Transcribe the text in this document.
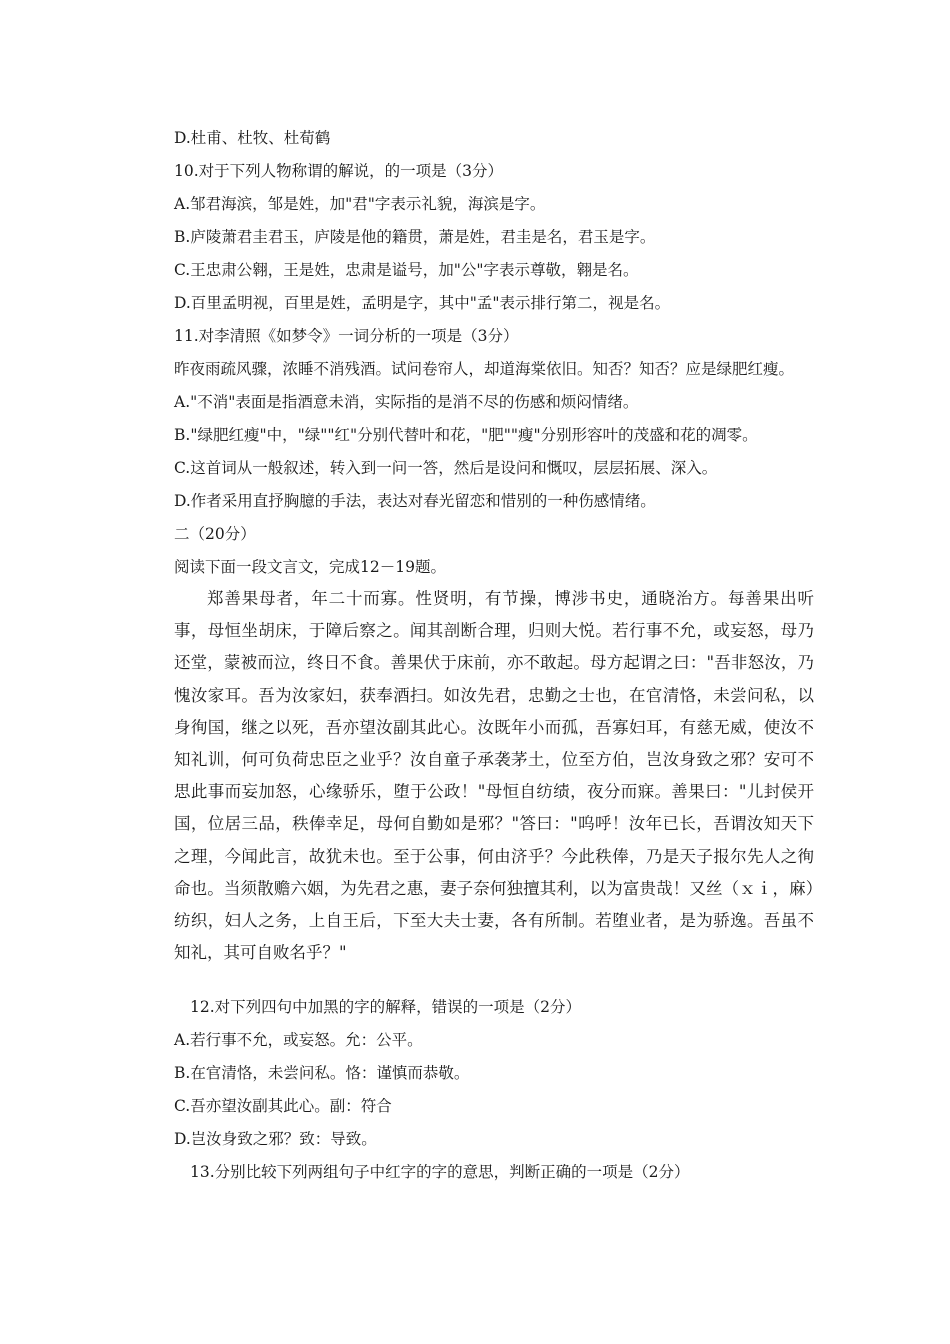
D.杜甫、杜牧、杜荀鹤
10.对于下列人物称谓的解说，的一项是（3分）
A.邹君海滨，邹是姓，加"君"字表示礼貌，海滨是字。
B.庐陵萧君圭君玉，庐陵是他的籍贯，萧是姓，君圭是名，君玉是字。
C.王忠肃公翱，王是姓，忠肃是谥号，加"公"字表示尊敬，翱是名。
D.百里孟明视，百里是姓，孟明是字，其中"孟"表示排行第二，视是名。
11.对李清照《如梦令》一词分析的一项是（3分）
昨夜雨疏风骤，浓睡不消残酒。试问卷帘人，却道海棠依旧。知否？知否？应是绿肥红瘦。
A."不消"表面是指酒意未消，实际指的是消不尽的伤感和烦闷情绪。
B."绿肥红瘦"中，"绿""红"分别代替叶和花，"肥""瘦"分别形容叶的茂盛和花的凋零。
C.这首词从一般叙述，转入到一问一答，然后是设问和慨叹，层层拓展、深入。
D.作者采用直抒胸臆的手法，表达对春光留恋和惜别的一种伤感情绪。
二（20分）
阅读下面一段文言文，完成12－19题。

郑善果母者，年二十而寡。性贤明，有节操，博涉书史，通晓治方。每善果出听事，母恒坐胡床，于障后察之。闻其剖断合理，归则大悦。若行事不允，或妄怒，母乃还堂，蒙被而泣，终日不食。善果伏于床前，亦不敢起。母方起谓之曰："吾非怒汝，乃愧汝家耳。吾为汝家妇，获奉酒扫。如汝先君，忠勤之士也，在官清恪，未尝问私，以身徇国，继之以死，吾亦望汝副其此心。汝既年小而孤，吾寡妇耳，有慈无威，使汝不知礼训，何可负荷忠臣之业乎？汝自童子承袭茅土，位至方伯，岂汝身致之邪？安可不思此事而妄加怒，心缘骄乐，堕于公政！"母恒自纺绩，夜分而寐。善果曰："儿封侯开国，位居三品，秩俸幸足，母何自勤如是邪？"答曰："呜呼！汝年已长，吾谓汝知天下之理，今闻此言，故犹未也。至于公事，何由济乎？今此秩俸，乃是天子报尔先人之徇命也。当须散赡六姻，为先君之惠，妻子奈何独擅其利，以为富贵哉！又丝（ｘｉ，麻）纺织，妇人之务，上自王后，下至大夫士妻，各有所制。若堕业者，是为骄逸。吾虽不知礼，其可自败名乎？"

12.对下列四句中加黑的字的解释，错误的一项是（2分）
A.若行事不允，或妄怒。允：公平。
B.在官清恪，未尝问私。恪：谨慎而恭敬。
C.吾亦望汝副其此心。副：符合
D.岂汝身致之邪？致：导致。
13.分别比较下列两组句子中红字的字的意思，判断正确的一项是（2分）
